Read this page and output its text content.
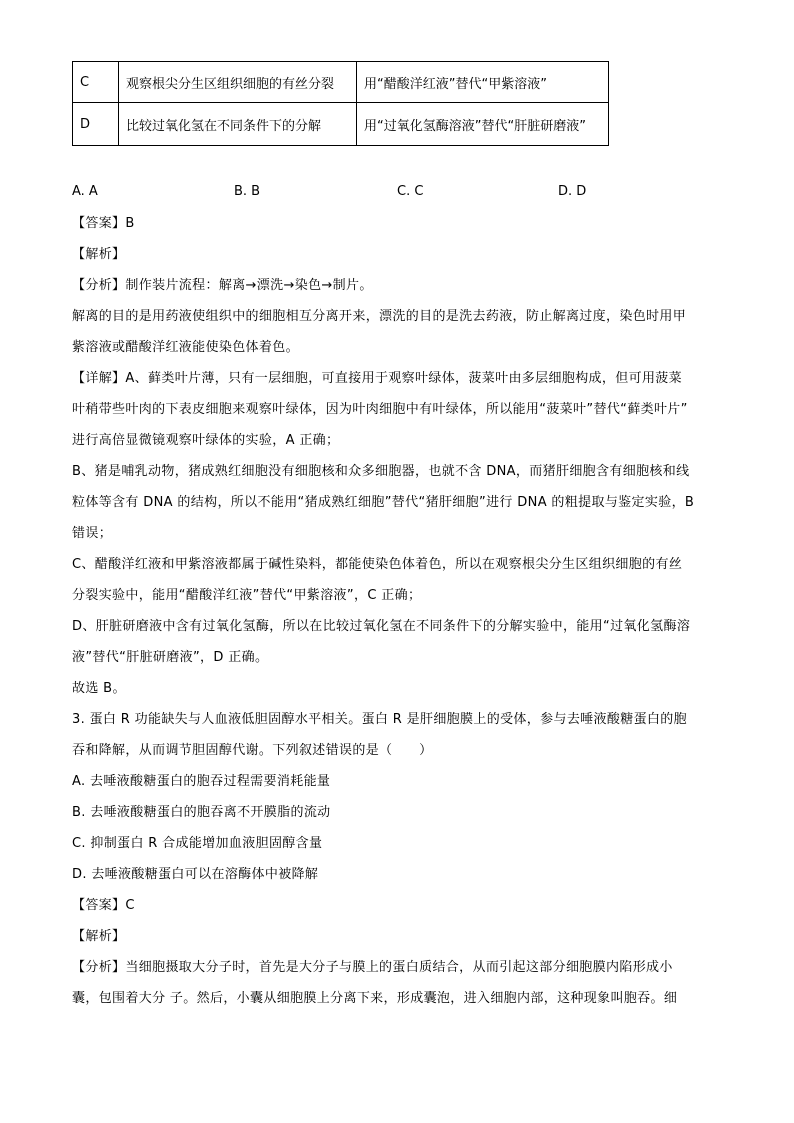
C	观察根尖分生区组织细胞的有丝分裂	用“醋酸洋红液”替代“甲紫溶液”
D	比较过氧化氢在不同条件下的分解	用“过氧化氢酶溶液”替代“肝脏研磨液”
A. A	B. B	C. C	D. D
【答案】B
【解析】
【分析】制作装片流程：解离→漂洗→染色→制片。
解离的目的是用药液使组织中的细胞相互分离开来，漂洗的目的是洗去药液，防止解离过度，染色时用甲
紫溶液或醋酸洋红液能使染色体着色。
【详解】A、藓类叶片薄，只有一层细胞，可直接用于观察叶绿体，菠菜叶由多层细胞构成，但可用菠菜
叶稍带些叶肉的下表皮细胞来观察叶绿体，因为叶肉细胞中有叶绿体，所以能用“菠菜叶”替代“藓类叶片”
进行高倍显微镜观察叶绿体的实验，A 正确；
B、猪是哺乳动物，猪成熟红细胞没有细胞核和众多细胞器，也就不含 DNA，而猪肝细胞含有细胞核和线
粒体等含有 DNA 的结构，所以不能用“猪成熟红细胞”替代“猪肝细胞”进行 DNA 的粗提取与鉴定实验，B
错误；
C、醋酸洋红液和甲紫溶液都属于碱性染料，都能使染色体着色，所以在观察根尖分生区组织细胞的有丝
分裂实验中，能用“醋酸洋红液”替代“甲紫溶液”，C 正确；
D、肝脏研磨液中含有过氧化氢酶，所以在比较过氧化氢在不同条件下的分解实验中，能用“过氧化氢酶溶
液”替代“肝脏研磨液”，D 正确。
故选 B。
3. 蛋白 R 功能缺失与人血液低胆固醇水平相关。蛋白 R 是肝细胞膜上的受体，参与去唾液酸糖蛋白的胞
吞和降解，从而调节胆固醇代谢。下列叙述错误的是（　　）
A. 去唾液酸糖蛋白的胞吞过程需要消耗能量
B. 去唾液酸糖蛋白的胞吞离不开膜脂的流动
C. 抑制蛋白 R 合成能增加血液胆固醇含量
D. 去唾液酸糖蛋白可以在溶酶体中被降解
【答案】C
【解析】
【分析】当细胞摄取大分子时，首先是大分子与膜上的蛋白质结合，从而引起这部分细胞膜内陷形成小
囊，包围着大分 子。然后，小囊从细胞膜上分离下来，形成囊泡，进入细胞内部，这种现象叫胞吞。细
